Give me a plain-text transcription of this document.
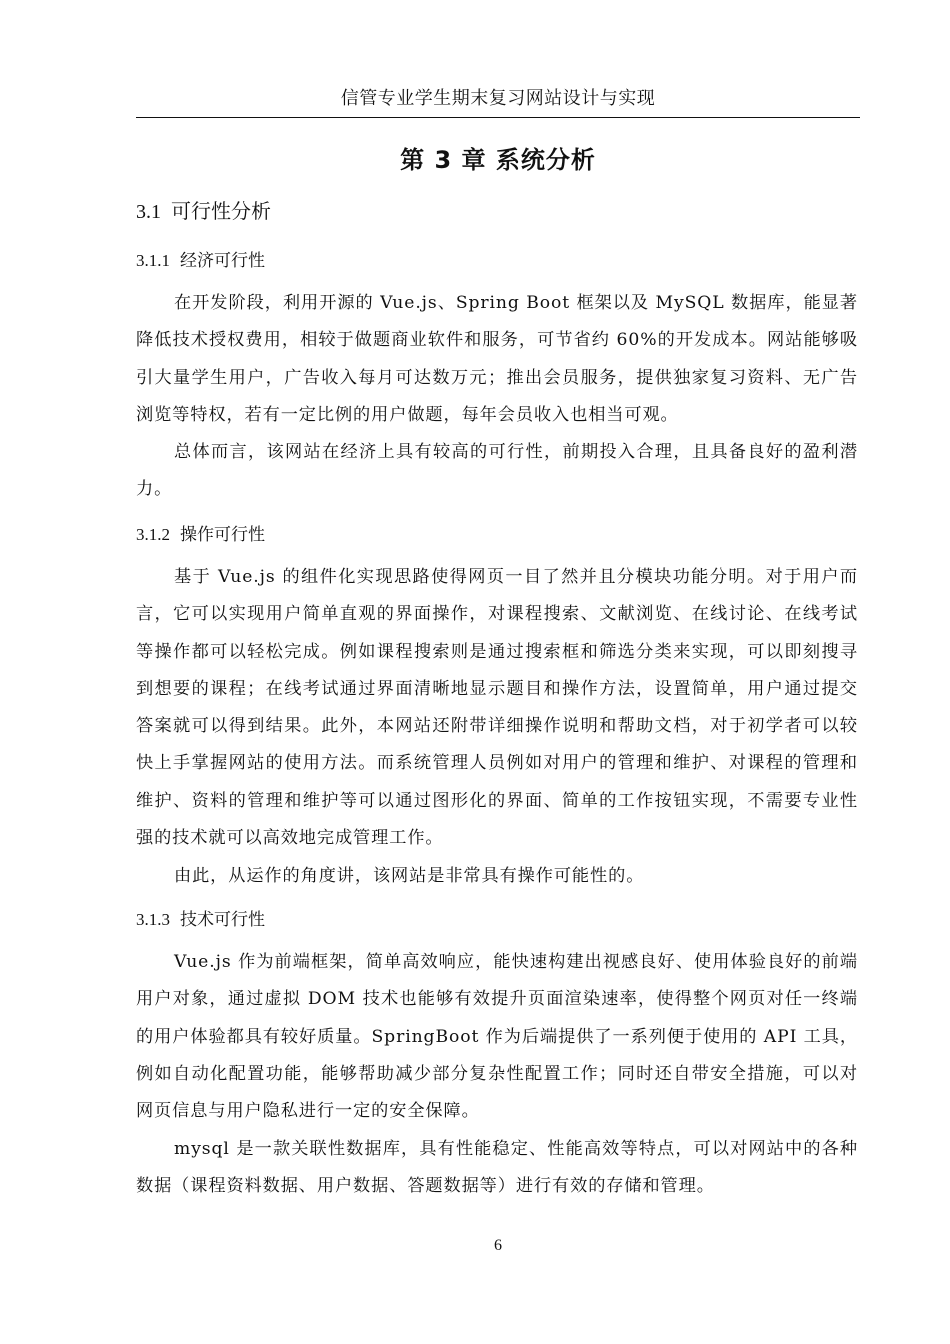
信管专业学生期末复习网站设计与实现
第 3 章 系统分析
3.1 可行性分析
3.1.1 经济可行性

在开发阶段，利用开源的 Vue.js、Spring Boot 框架以及 MySQL 数据库，能显著降低技术授权费用，相较于做题商业软件和服务，可节省约 60%的开发成本。网站能够吸引大量学生用户，广告收入每月可达数万元；推出会员服务，提供独家复习资料、无广告浏览等特权，若有一定比例的用户做题，每年会员收入也相当可观。

总体而言，该网站在经济上具有较高的可行性，前期投入合理，且具备良好的盈利潜力。

3.1.2 操作可行性

基于 Vue.js 的组件化实现思路使得网页一目了然并且分模块功能分明。对于用户而言，它可以实现用户简单直观的界面操作，对课程搜索、文献浏览、在线讨论、在线考试等操作都可以轻松完成。例如课程搜索则是通过搜索框和筛选分类来实现，可以即刻搜寻到想要的课程；在线考试通过界面清晰地显示题目和操作方法，设置简单，用户通过提交答案就可以得到结果。此外，本网站还附带详细操作说明和帮助文档，对于初学者可以较快上手掌握网站的使用方法。而系统管理人员例如对用户的管理和维护、对课程的管理和维护、资料的管理和维护等可以通过图形化的界面、简单的工作按钮实现，不需要专业性强的技术就可以高效地完成管理工作。

由此，从运作的角度讲，该网站是非常具有操作可能性的。

3.1.3 技术可行性

Vue.js 作为前端框架，简单高效响应，能快速构建出视感良好、使用体验良好的前端用户对象，通过虚拟 DOM 技术也能够有效提升页面渲染速率，使得整个网页对任一终端的用户体验都具有较好质量。SpringBoot 作为后端提供了一系列便于使用的 API 工具，例如自动化配置功能，能够帮助减少部分复杂性配置工作；同时还自带安全措施，可以对网页信息与用户隐私进行一定的安全保障。

mysql 是一款关联性数据库，具有性能稳定、性能高效等特点，可以对网站中的各种数据（课程资料数据、用户数据、答题数据等）进行有效的存储和管理。

6
